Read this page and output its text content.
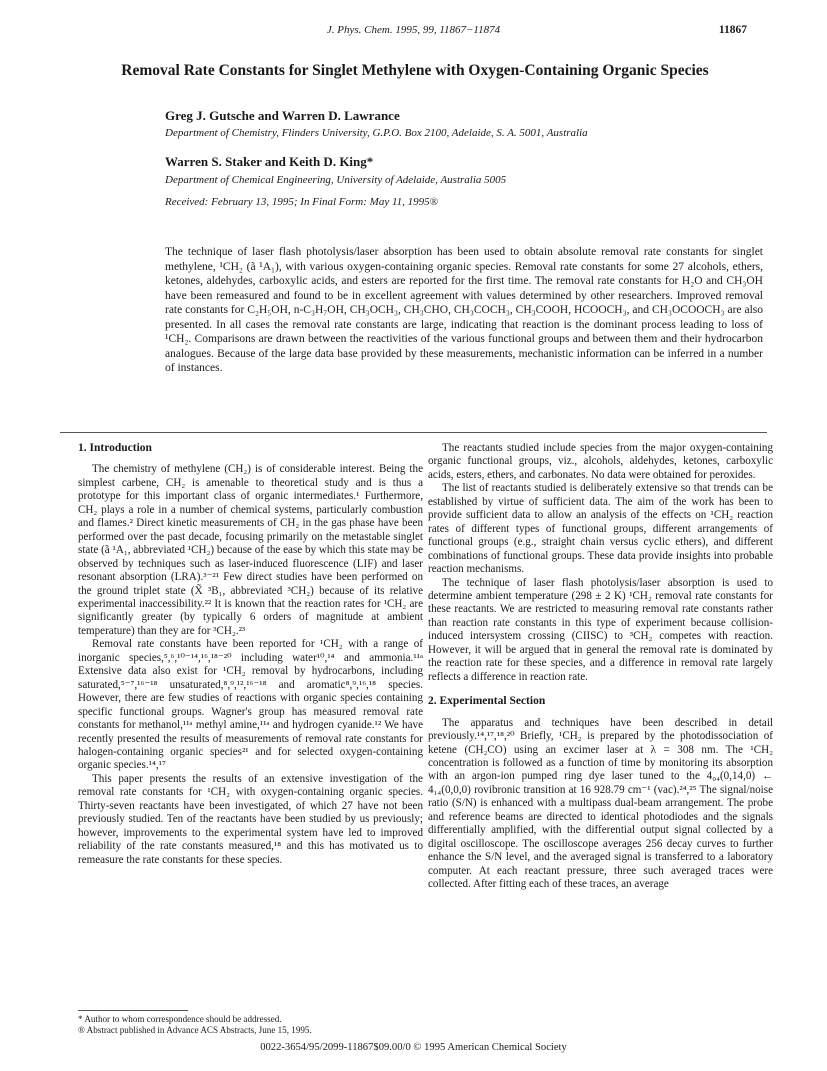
J. Phys. Chem. 1995, 99, 11867−11874	11867
Removal Rate Constants for Singlet Methylene with Oxygen-Containing Organic Species
Greg J. Gutsche and Warren D. Lawrance
Department of Chemistry, Flinders University, G.P.O. Box 2100, Adelaide, S. A. 5001, Australia
Warren S. Staker and Keith D. King*
Department of Chemical Engineering, University of Adelaide, Australia 5005
Received: February 13, 1995; In Final Form: May 11, 1995®

The technique of laser flash photolysis/laser absorption has been used to obtain absolute removal rate constants for singlet methylene, ¹CH₂ (ã ¹A₁), with various oxygen-containing organic species. Removal rate constants for some 27 alcohols, ethers, ketones, aldehydes, carboxylic acids, and esters are reported for the first time. The removal rate constants for H₂O and CH₃OH have been remeasured and found to be in excellent agreement with values determined by other researchers. Improved removal rate constants for C₂H₅OH, n-C₃H₇OH, CH₃OCH₃, CH₃CHO, CH₃COCH₃, CH₃COOH, HCOOCH₃, and CH₃OCOOCH₃ are also presented. In all cases the removal rate constants are large, indicating that reaction is the dominant process leading to loss of ¹CH₂. Comparisons are drawn between the reactivities of the various functional groups and between them and their hydrocarbon analogues. Because of the large data base provided by these measurements, mechanistic information can be inferred in a number of instances.

1. Introduction

The chemistry of methylene (CH₂) is of considerable interest. Being the simplest carbene, CH₂ is amenable to theoretical study and is thus a prototype for this important class of organic intermediates.¹ Furthermore, CH₂ plays a role in a number of chemical systems, particularly combustion and flames.² Direct kinetic measurements of CH₂ in the gas phase have been performed over the past decade, focusing primarily on the metastable singlet state (ã ¹A₁, abbreviated ¹CH₂) because of the ease by which this state may be observed by techniques such as laser-induced fluorescence (LIF) and laser resonant absorption (LRA).³⁻²¹ Few direct studies have been performed on the ground triplet state (X̃ ³B₁, abbreviated ³CH₂) because of its relative experimental inaccessibility.²² It is known that the reaction rates for ¹CH₂ are significantly greater (by typically 6 orders of magnitude at ambient temperature) than they are for ³CH₂.²³

Removal rate constants have been reported for ¹CH₂ with a range of inorganic species,⁵,⁶,¹⁰⁻¹⁴,¹⁶,¹⁸⁻²⁰ including water¹⁰,¹⁴ and ammonia.¹¹ᵃ Extensive data also exist for ¹CH₂ removal by hydrocarbons, including saturated,⁵⁻⁷,¹⁶⁻¹⁸ unsaturated,⁸,⁹,¹²,¹⁶⁻¹⁸ and aromatic⁸,⁹,¹⁶,¹⁸ species. However, there are few studies of reactions with organic species containing specific functional groups. Wagner's group has measured removal rate constants for methanol,¹¹ᵃ methyl amine,¹¹ᵃ and hydrogen cyanide.¹² We have recently presented the results of measurements of removal rate constants for halogen-containing organic species²¹ and for selected oxygen-containing organic species.¹⁴,¹⁷

This paper presents the results of an extensive investigation of the removal rate constants for ¹CH₂ with oxygen-containing organic species. Thirty-seven reactants have been investigated, of which 27 have not been previously studied. Ten of the reactants have been studied by us previously; however, improvements to the experimental system have led to improved reliability of the rate constants measured,¹⁸ and this has motivated us to remeasure the rate constants for these species.

The reactants studied include species from the major oxygen-containing organic functional groups, viz., alcohols, aldehydes, ketones, carboxylic acids, esters, ethers, and carbonates. No data were obtained for peroxides.

The list of reactants studied is deliberately extensive so that trends can be established by virtue of sufficient data. The aim of the work has been to provide sufficient data to allow an analysis of the effects on ¹CH₂ reaction rates of different types of functional groups, different arrangements of functional groups (e.g., straight chain versus cyclic ethers), and different combinations of functional groups. These data provide insights into probable reaction mechanisms.

The technique of laser flash photolysis/laser absorption is used to determine ambient temperature (298 ± 2 K) ¹CH₂ removal rate constants for these reactants. We are restricted to measuring removal rate constants rather than reaction rate constants in this type of experiment because collision-induced intersystem crossing (CIISC) to ³CH₂ competes with reaction. However, it will be argued that in general the removal rate is dominated by the reaction rate for these species, and a difference in removal rate largely reflects a difference in reaction rate.

2. Experimental Section

The apparatus and techniques have been described in detail previously.¹⁴,¹⁷,¹⁸,²⁰ Briefly, ¹CH₂ is prepared by the photodissociation of ketene (CH₂CO) using an excimer laser at λ = 308 nm. The ¹CH₂ concentration is followed as a function of time by monitoring its absorption with an argon-ion pumped ring dye laser tuned to the 4₀₄(0,14,0) ← 4₁₄(0,0,0) rovibronic transition at 16 928.79 cm⁻¹ (vac).²⁴,²⁵ The signal/noise ratio (S/N) is enhanced with a multipass dual-beam arrangement. The probe and reference beams are directed to identical photodiodes and the signals differentially amplified, with the differential output signal collected by a digital oscilloscope. The oscilloscope averages 256 decay curves to further enhance the S/N level, and the averaged signal is transferred to a laboratory computer. At each reactant pressure, three such averaged traces were collected. After fitting each of these traces, an average

* Author to whom correspondence should be addressed.
® Abstract published in Advance ACS Abstracts, June 15, 1995.
0022-3654/95/2099-11867$09.00/0 © 1995 American Chemical Society
